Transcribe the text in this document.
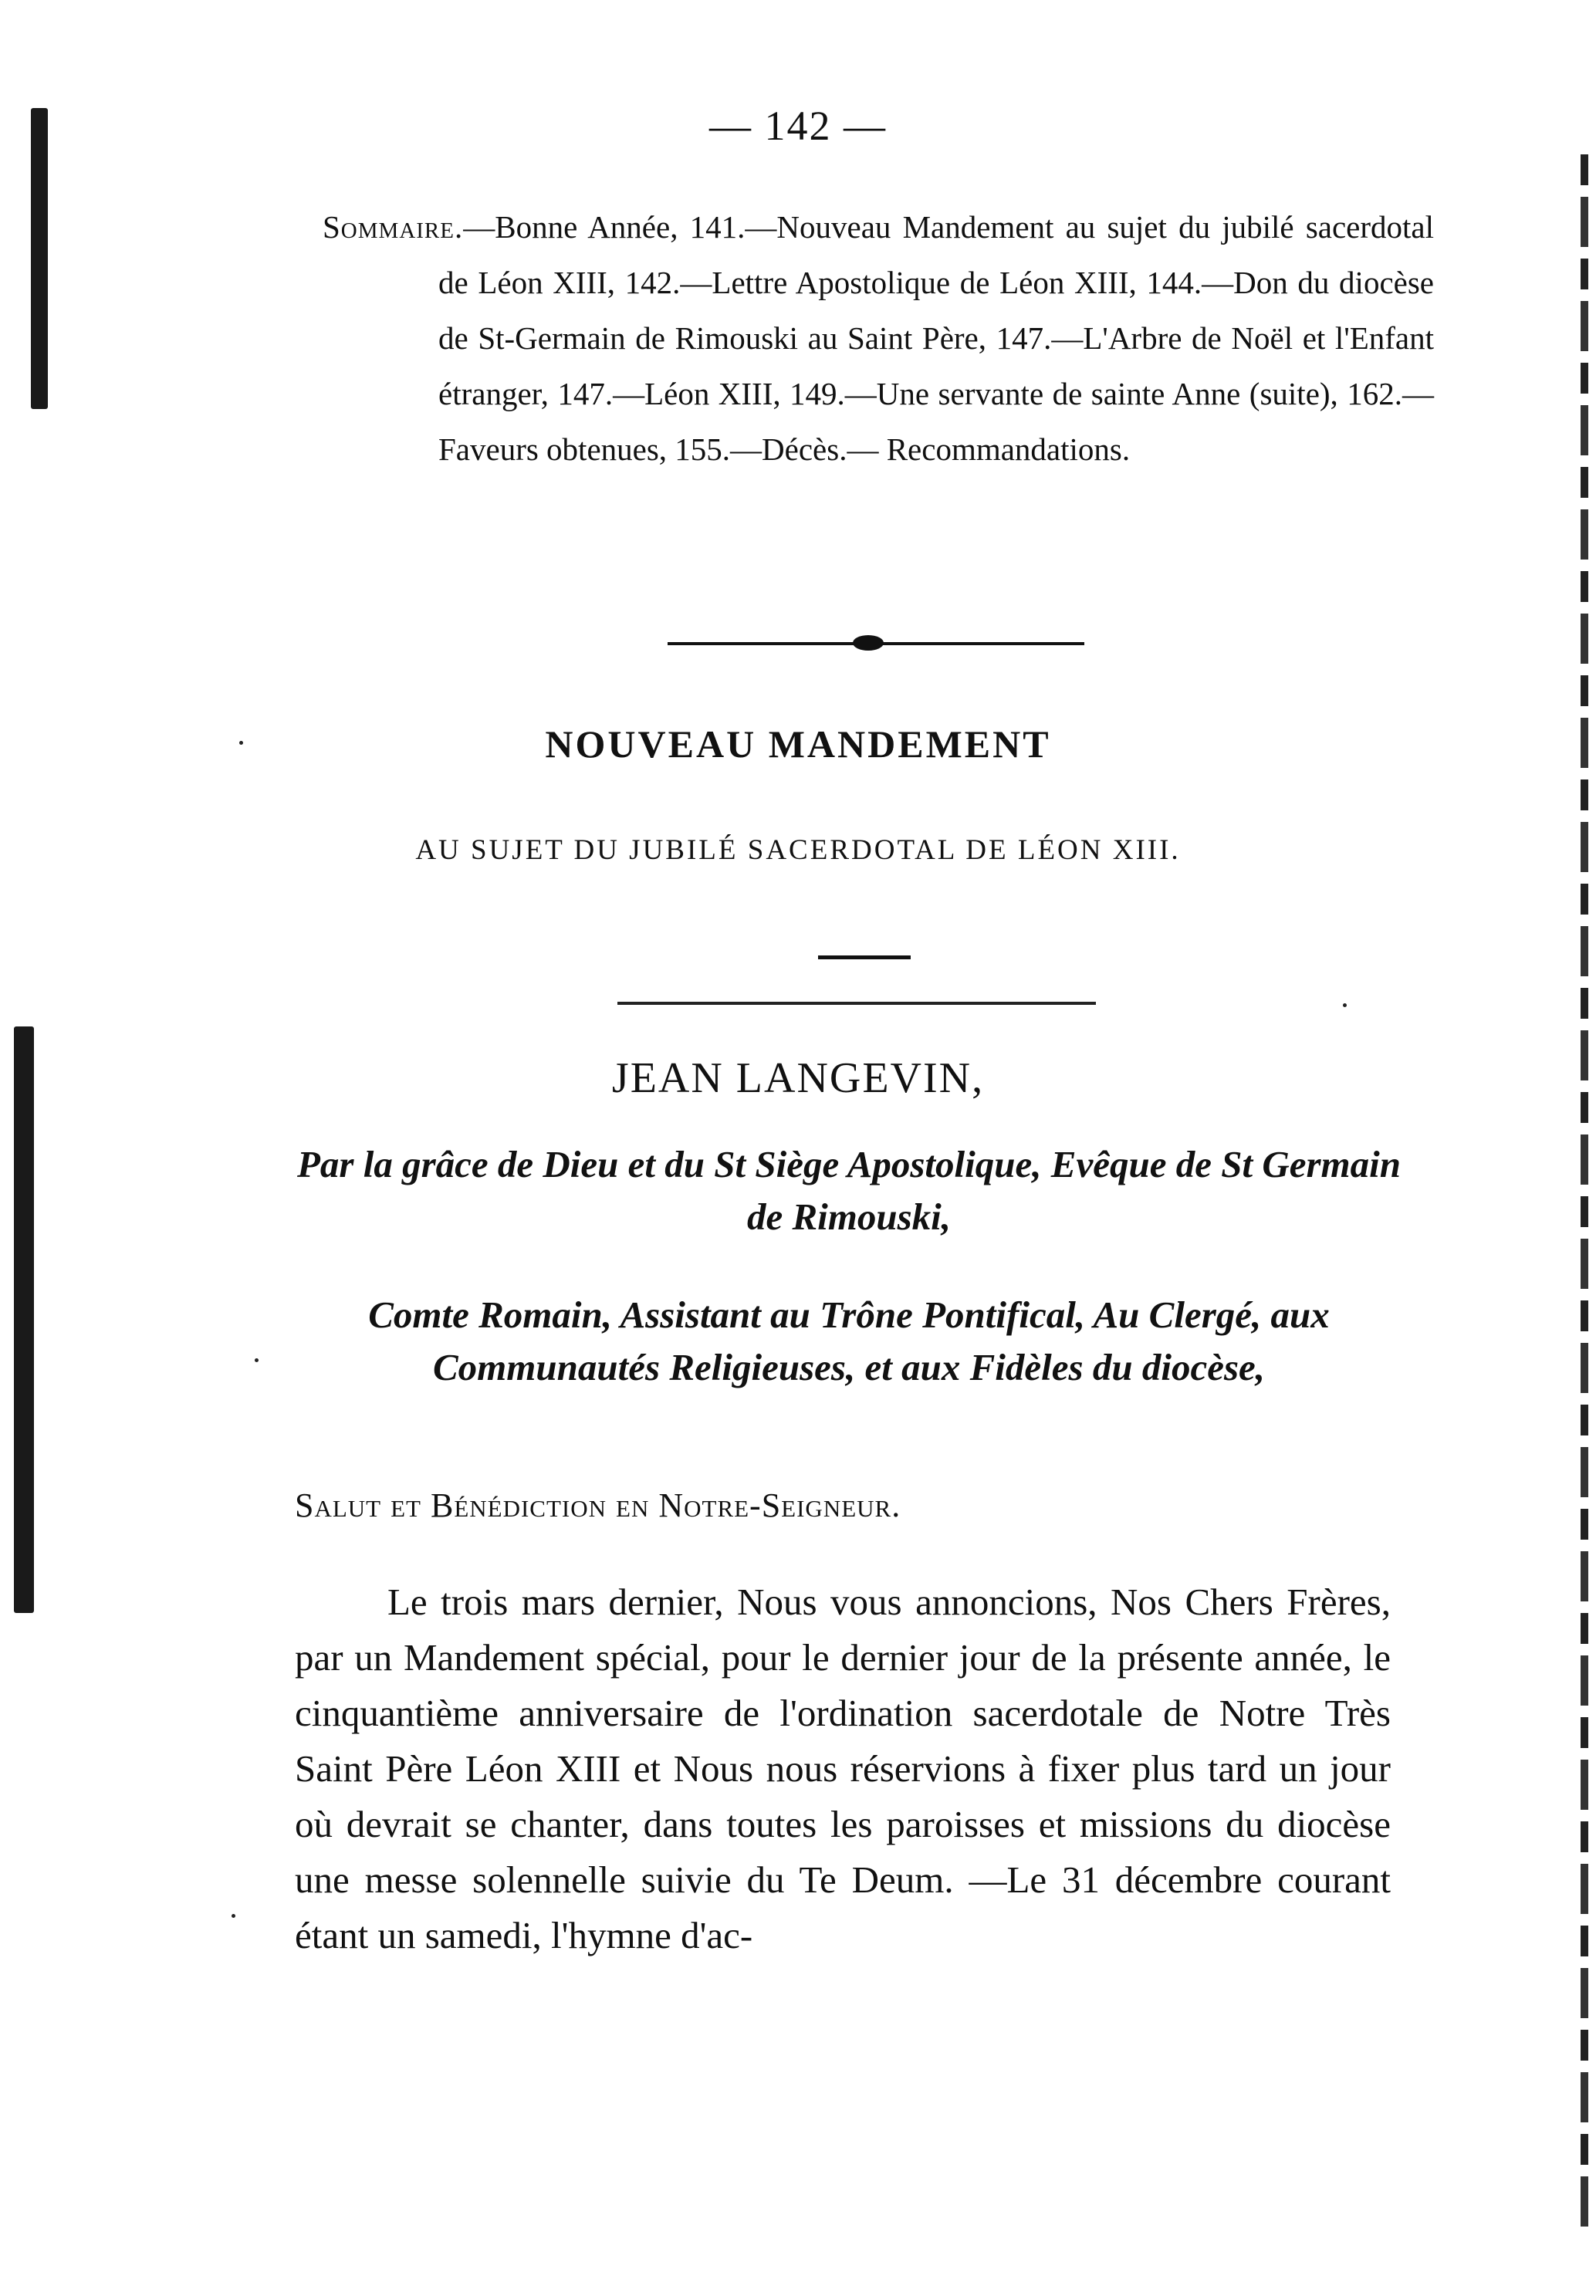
— 142 —

Sommaire.—Bonne Année, 141.—Nouveau Mandement au sujet du jubilé sacerdotal de Léon XIII, 142.—Lettre Apostolique de Léon XIII, 144.—Don du diocèse de St-Germain de Rimouski au Saint Père, 147.—L'Arbre de Noël et l'Enfant étranger, 147.—Léon XIII, 149.—Une servante de sainte Anne (suite), 162.—Faveurs obtenues, 155.—Décès.— Recommandations.

NOUVEAU MANDEMENT
AU SUJET DU JUBILÉ SACERDOTAL DE LÉON XIII.
JEAN LANGEVIN,
Par la grâce de Dieu et du St Siège Apostolique, Evêque de St Germain de Rimouski,
Comte Romain, Assistant au Trône Pontifical, Au Clergé, aux Communautés Religieuses, et aux Fidèles du diocèse,
Salut et Bénédiction en Notre-Seigneur.

Le trois mars dernier, Nous vous annoncions, Nos Chers Frères, par un Mandement spécial, pour le dernier jour de la présente année, le cinquantième anniversaire de l'ordination sacerdotale de Notre Très Saint Père Léon XIII et Nous nous réservions à fixer plus tard un jour où devrait se chanter, dans toutes les paroisses et missions du diocèse une messe solennelle suivie du Te Deum. —Le 31 décembre courant étant un samedi, l'hymne d'ac-
